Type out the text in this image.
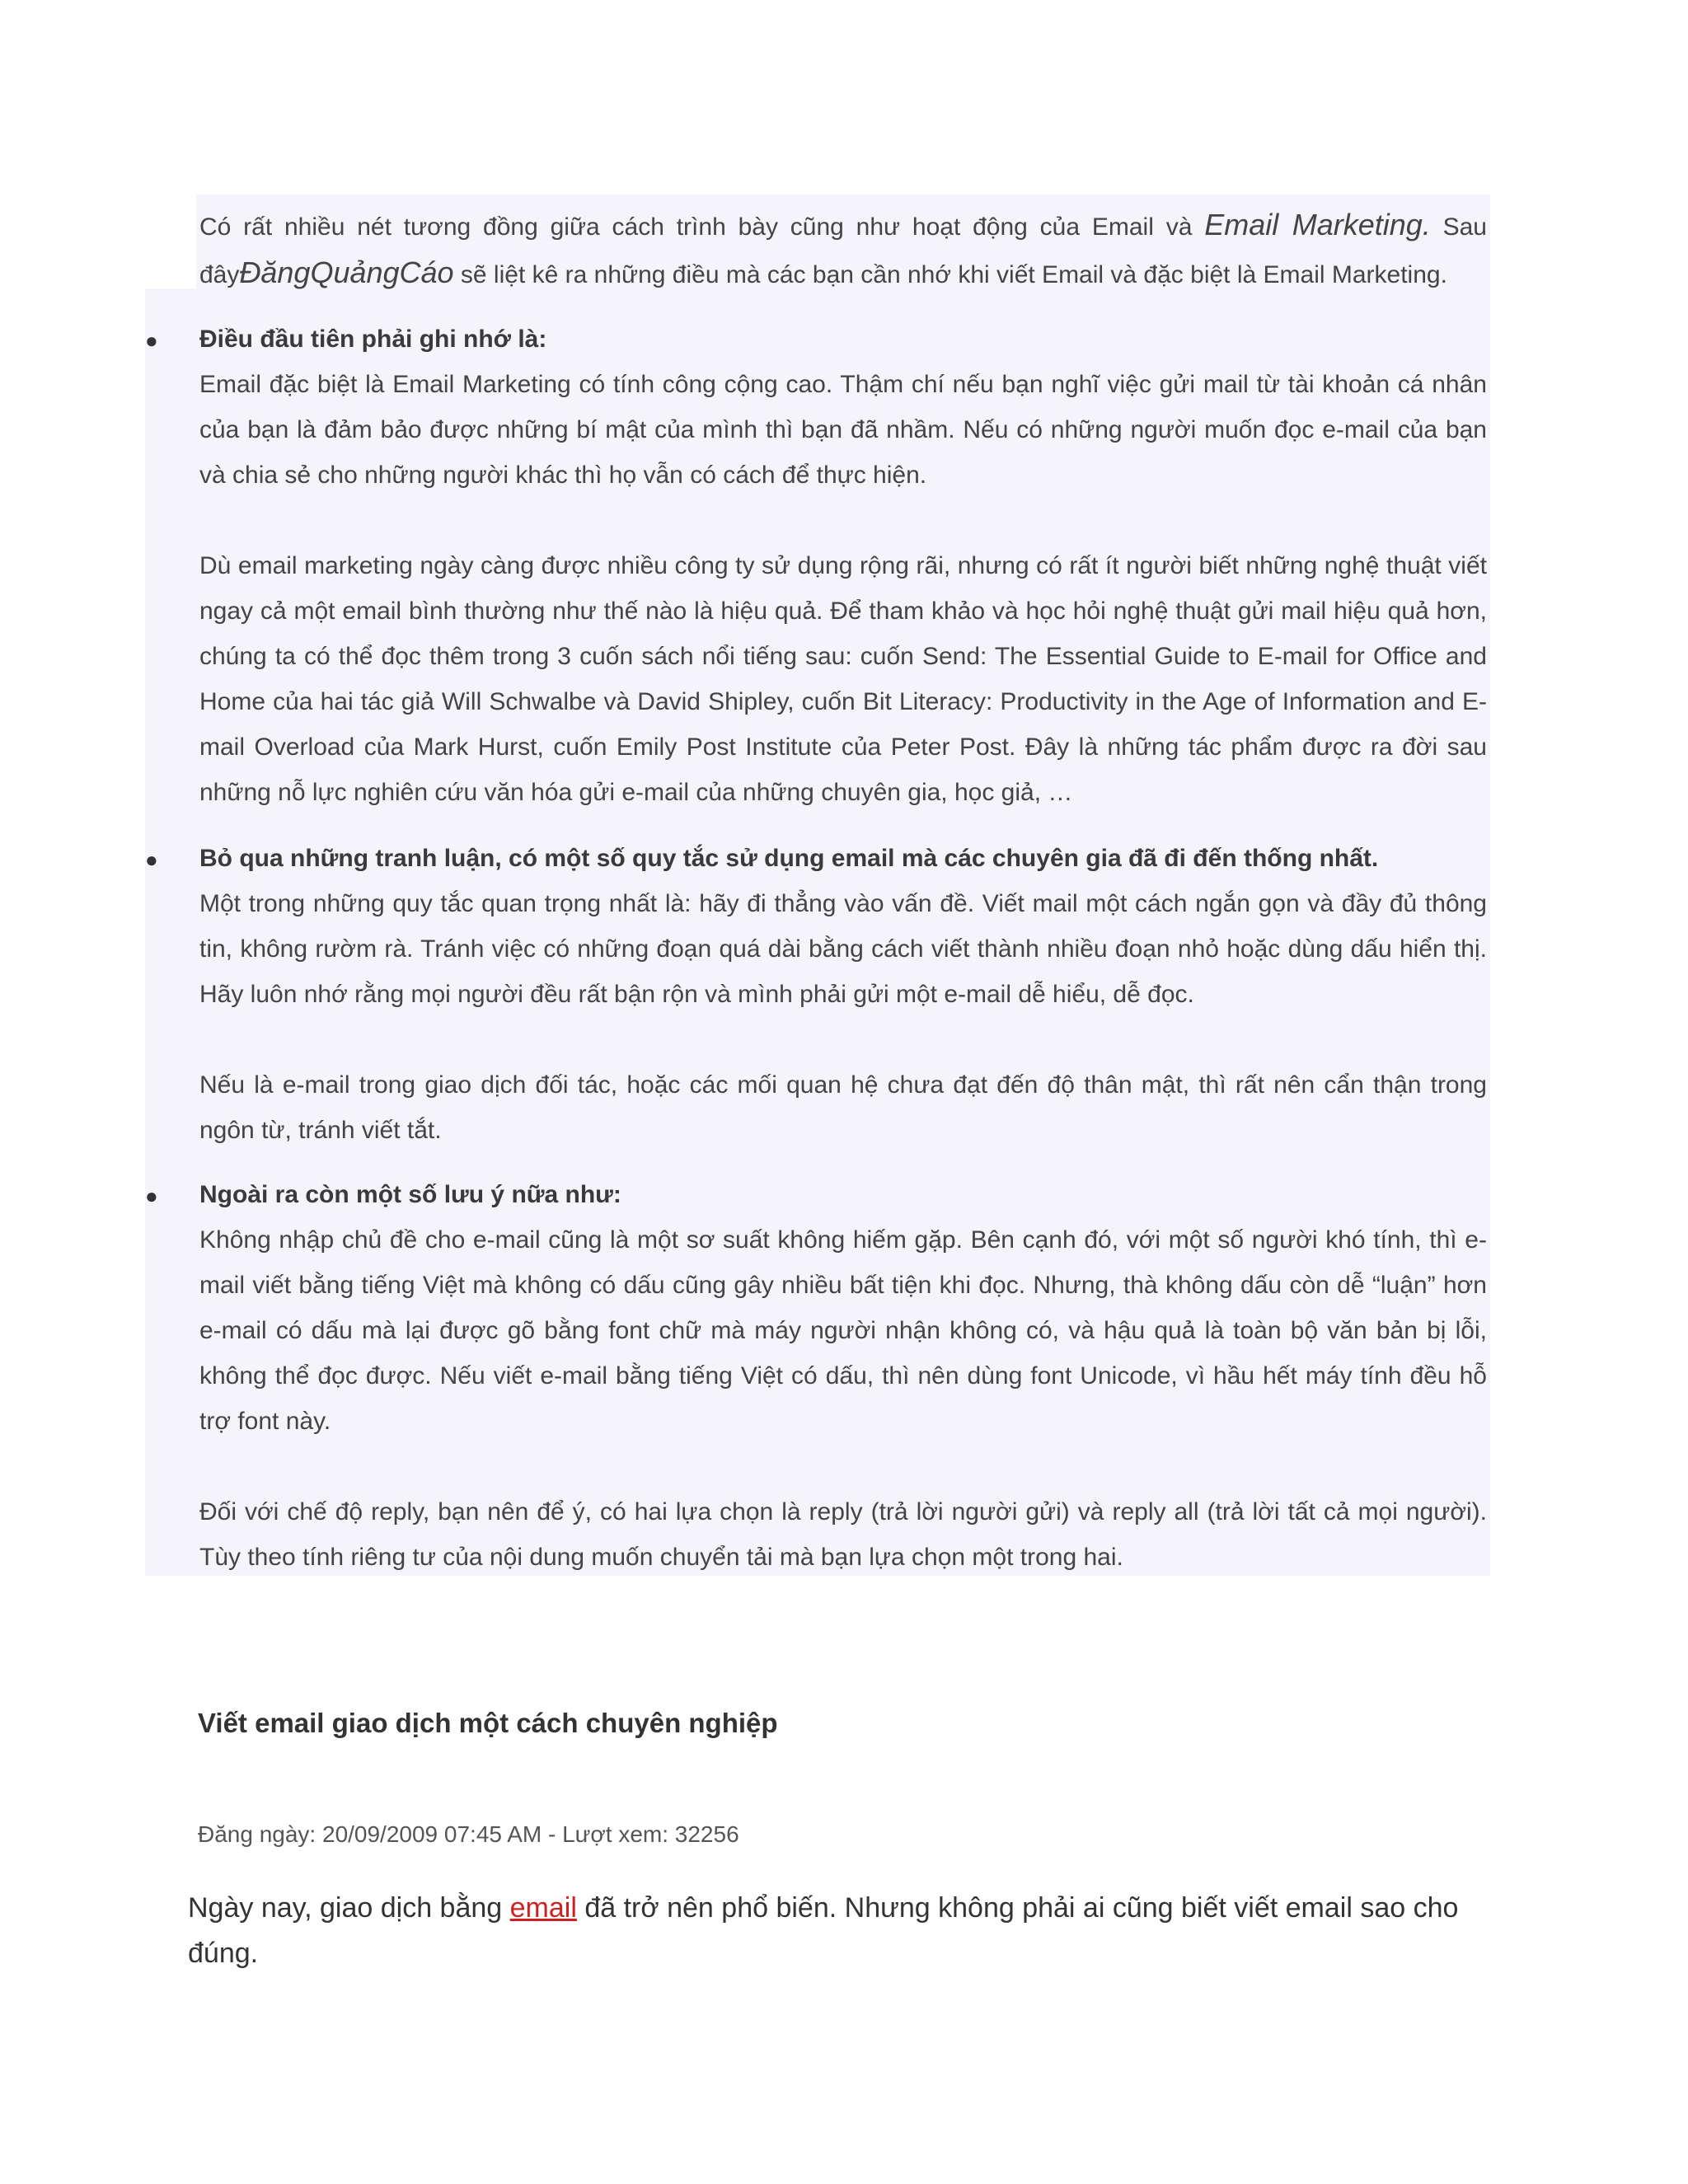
Có rất nhiều nét tương đồng giữa cách trình bày cũng như hoạt động của Email và Email Marketing. Sau đâyĐăngQuảngCáo sẽ liệt kê ra những điều mà các bạn cần nhớ khi viết Email và đặc biệt là Email Marketing.

● Điều đầu tiên phải ghi nhớ là:

Email đặc biệt là Email Marketing có tính công cộng cao. Thậm chí nếu bạn nghĩ việc gửi mail từ tài khoản cá nhân của bạn là đảm bảo được những bí mật của mình thì bạn đã nhầm. Nếu có những người muốn đọc e-mail của bạn và chia sẻ cho những người khác thì họ vẫn có cách để thực hiện.

Dù email marketing ngày càng được nhiều công ty sử dụng rộng rãi, nhưng có rất ít người biết những nghệ thuật viết ngay cả một email bình thường như thế nào là hiệu quả. Để tham khảo và học hỏi nghệ thuật gửi mail hiệu quả hơn, chúng ta có thể đọc thêm trong 3 cuốn sách nổi tiếng sau: cuốn Send: The Essential Guide to E-mail for Office and Home của hai tác giả Will Schwalbe và David Shipley, cuốn Bit Literacy: Productivity in the Age of Information and E-mail Overload của Mark Hurst, cuốn Emily Post Institute của Peter Post. Đây là những tác phẩm được ra đời sau những nỗ lực nghiên cứu văn hóa gửi e-mail của những chuyên gia, học giả, …

● Bỏ qua những tranh luận, có một số quy tắc sử dụng email mà các chuyên gia đã đi đến thống nhất.

Một trong những quy tắc quan trọng nhất là: hãy đi thẳng vào vấn đề. Viết mail một cách ngắn gọn và đầy đủ thông tin, không rườm rà. Tránh việc có những đoạn quá dài bằng cách viết thành nhiều đoạn nhỏ hoặc dùng dấu hiển thị. Hãy luôn nhớ rằng mọi người đều rất bận rộn và mình phải gửi một e-mail dễ hiểu, dễ đọc.

Nếu là e-mail trong giao dịch đối tác, hoặc các mối quan hệ chưa đạt đến độ thân mật, thì rất nên cẩn thận trong ngôn từ, tránh viết tắt.

● Ngoài ra còn một số lưu ý nữa như:

Không nhập chủ đề cho e-mail cũng là một sơ suất không hiếm gặp. Bên cạnh đó, với một số người khó tính, thì e-mail viết bằng tiếng Việt mà không có dấu cũng gây nhiều bất tiện khi đọc. Nhưng, thà không dấu còn dễ “luận” hơn e-mail có dấu mà lại được gõ bằng font chữ mà máy người nhận không có, và hậu quả là toàn bộ văn bản bị lỗi, không thể đọc được. Nếu viết e-mail bằng tiếng Việt có dấu, thì nên dùng font Unicode, vì hầu hết máy tính đều hỗ trợ font này.

Đối với chế độ reply, bạn nên để ý, có hai lựa chọn là reply (trả lời người gửi) và reply all (trả lời tất cả mọi người). Tùy theo tính riêng tư của nội dung muốn chuyển tải mà bạn lựa chọn một trong hai.

Viết email giao dịch một cách chuyên nghiệp
Đăng ngày: 20/09/2009 07:45 AM - Lượt xem: 32256
Ngày nay, giao dịch bằng email đã trở nên phổ biến. Nhưng không phải ai cũng biết viết email sao cho đúng.
